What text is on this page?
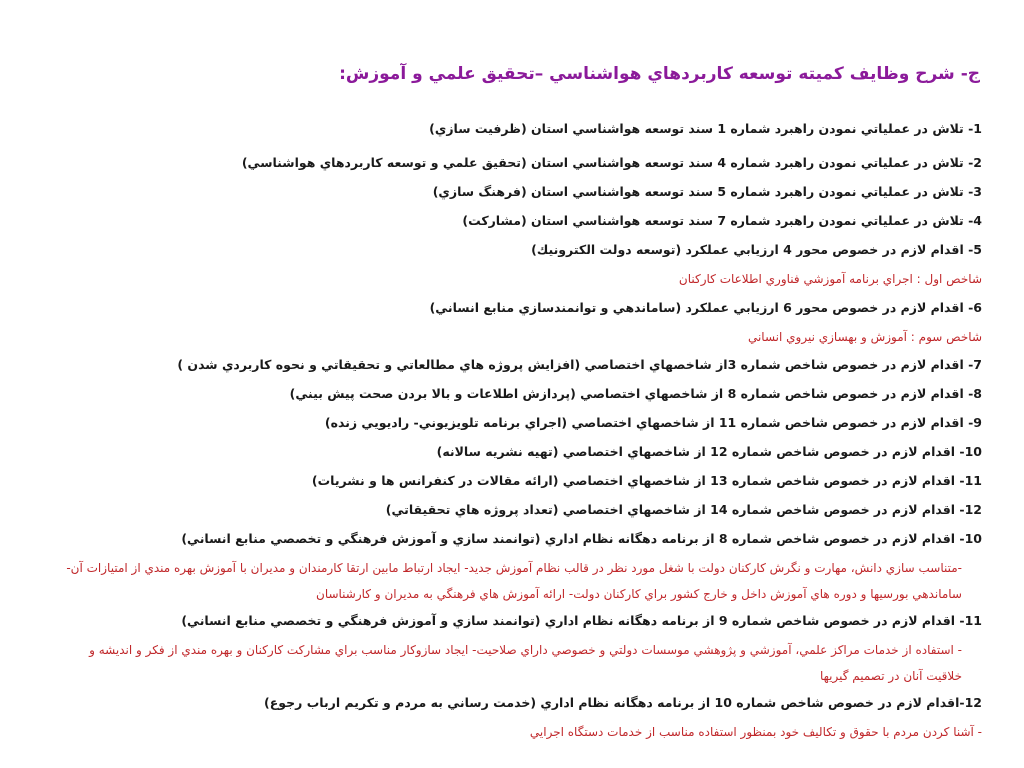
ج- شرح وظايف كميته توسعه كاربردهاي هواشناسي –تحقيق علمي و آموزش:
1- تلاش در عملياتي نمودن راهبرد شماره 1 سند توسعه هواشناسي استان (ظرفيت سازي)
2- تلاش در عملياتي نمودن راهبرد شماره 4 سند توسعه هواشناسي استان (تحقيق علمي و توسعه كاربردهاي هواشناسي)
3- تلاش در عملياتي نمودن راهبرد شماره 5 سند توسعه هواشناسي استان (فرهنگ سازي)
4- تلاش در عملياتي نمودن راهبرد شماره 7 سند توسعه هواشناسي استان (مشاركت)
5- اقدام لازم در خصوص محور 4 ارزيابي عملكرد (توسعه دولت الكترونيك)
شاخص اول : اجراي برنامه آموزشي فناوري اطلاعات كاركنان
6- اقدام لازم در خصوص محور 6 ارزيابي عملكرد (ساماندهي و توانمندسازي منابع انساني)
شاخص سوم : آموزش و بهسازي نيروي انساني
7- اقدام لازم در خصوص شاخص شماره 3از شاخصهاي اختصاصي (افزايش پروژه هاي مطالعاتي و تحقيقاتي و نحوه كاربردي شدن )
8- اقدام لازم در خصوص شاخص شماره 8 از شاخصهاي اختصاصي (پردازش اطلاعات و بالا بردن صحت پيش بيني)
9- اقدام لازم در خصوص شاخص شماره 11 از شاخصهاي اختصاصي (اجراي برنامه تلويزيوني- راديويي زنده)
10- اقدام لازم در خصوص شاخص شماره 12 از شاخصهاي اختصاصي (تهيه نشريه سالانه)
11- اقدام لازم در خصوص شاخص شماره 13 از شاخصهاي اختصاصي (ارائه مقالات در كنفرانس ها و نشريات)
12- اقدام لازم در خصوص شاخص شماره 14 از شاخصهاي اختصاصي (تعداد پروژه هاي تحقيقاتي)
10- اقدام لازم در خصوص شاخص شماره 8 از برنامه دهگانه نظام اداري (توانمند سازي و آموزش فرهنگي و تخصصي منابع انساني)
-متناسب سازي دانش، مهارت و نگرش كاركنان دولت با شغل مورد نظر در قالب نظام آموزش جديد- ايجاد ارتباط مابين ارتقا كارمندان و مديران با آموزش بهره مندي از امتيازات آن- ساماندهي بورسيها و دوره هاي آموزش داخل و خارج كشور براي كاركنان دولت- ارائه آموزش هاي فرهنگي به مديران و كارشناسان
11- اقدام لازم در خصوص شاخص شماره 9 از برنامه دهگانه نظام اداري (توانمند سازي و آموزش فرهنگي و تخصصي منابع انساني)
- استفاده از خدمات مراكز علمي، آموزشي و پژوهشي موسسات دولتي و خصوصي داراي صلاحيت- ايجاد سازوكار مناسب براي مشاركت كاركنان و بهره مندي از فكر و انديشه و خلاقيت آنان در تصميم گيريها
12-اقدام لازم در خصوص شاخص شماره 10 از برنامه دهگانه نظام اداري (خدمت رساني به مردم و تكريم ارباب رجوع)
- آشنا كردن مردم با حقوق و تكاليف خود بمنظور استفاده مناسب از خدمات دستگاه اجرايي
